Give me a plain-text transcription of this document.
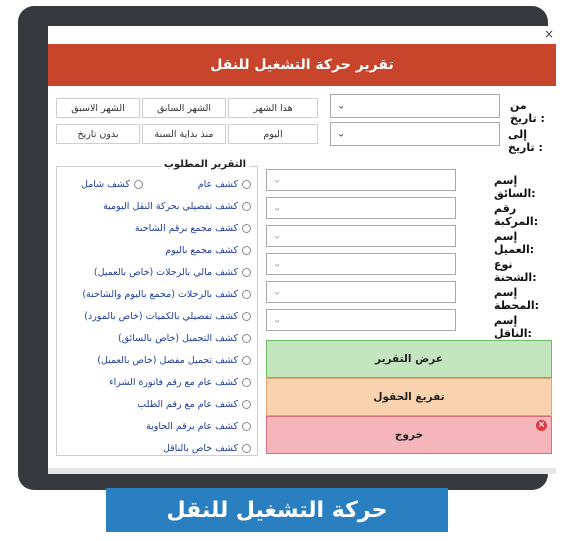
×
تقرير حركة التشغيل للنقل
من تاريخ :
⌄
إلى تاريخ :
⌄
هذا الشهر
الشهر السابق
الشهر الاسبق
اليوم
منذ بداية السنة
بدون تاريخ
التقرير المطلوب
كشف عام
كشف شامل
كشف تفصيلي بحركة النقل اليومية
كشف مجمع برقم الشاحنة
كشف مجمع باليوم
كشف مالي بالرحلات (خاص بالعميل)
كشف بالرحلات (مجمع باليوم والشاحنة)
كشف تفصيلي بالكميات (خاص بالمورد)
كشف التحميل (خاص بالسائق)
كشف تحميل مفصل (خاص بالعميل)
كشف عام مع رقم فاتورة الشراء
كشف عام مع رقم الطلب
كشف عام برقم الحاوية
كشف خاص بالناقل
⌄	إسم السائق:
⌄	رقم المركبة:
⌄	إسم العميل:
⌄	نوع الشحنة:
⌄	إسم المحطة:
⌄	إسم الناقل:
عرض التقرير
تفريغ الحقول
خروج
×
حركة التشغيل للنقل
